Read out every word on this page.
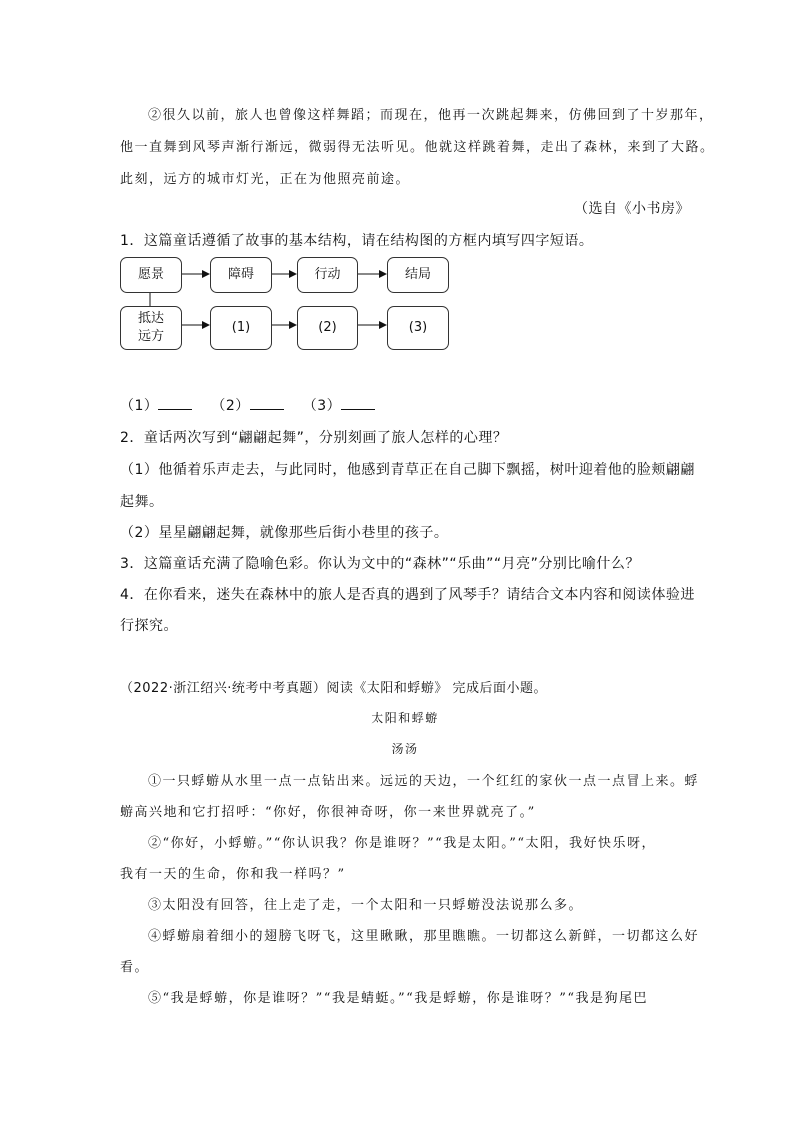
②很久以前，旅人也曾像这样舞蹈；而现在，他再一次跳起舞来，仿佛回到了十岁那年，
他一直舞到风琴声渐行渐远，微弱得无法听见。他就这样跳着舞，走出了森林，来到了大路。
此刻，远方的城市灯光，正在为他照亮前途。
（选自《小书房》
1．这篇童话遵循了故事的基本结构，请在结构图的方框内填写四字短语。
愿景	障碍	行动	结局
抵达
远方
(1)	(2)	(3)
（1）	（2）	（3）
2．童话两次写到“翩翩起舞”，分别刻画了旅人怎样的心理？
（1）他循着乐声走去，与此同时，他感到青草正在自己脚下飘摇，树叶迎着他的脸颊翩翩
起舞。
（2）星星翩翩起舞，就像那些后街小巷里的孩子。
3．这篇童话充满了隐喻色彩。你认为文中的“森林”“乐曲”“月亮”分别比喻什么？
4．在你看来，迷失在森林中的旅人是否真的遇到了风琴手？请结合文本内容和阅读体验进
行探究。
（2022·浙江绍兴·统考中考真题）阅读《太阳和蜉蝣》 完成后面小题。
太阳和蜉蝣
汤汤
①一只蜉蝣从水里一点一点钻出来。远远的天边，一个红红的家伙一点一点冒上来。蜉
蝣高兴地和它打招呼：“你好，你很神奇呀，你一来世界就亮了。”
②“你好，小蜉蝣。”“你认识我？你是谁呀？”“我是太阳。”“太阳，我好快乐呀，
我有一天的生命，你和我一样吗？”
③太阳没有回答，往上走了走，一个太阳和一只蜉蝣没法说那么多。
④蜉蝣扇着细小的翅膀飞呀飞，这里瞅瞅，那里瞧瞧。一切都这么新鲜，一切都这么好
看。
⑤“我是蜉蝣，你是谁呀？”“我是蜻蜓。”“我是蜉蝣，你是谁呀？”“我是狗尾巴
